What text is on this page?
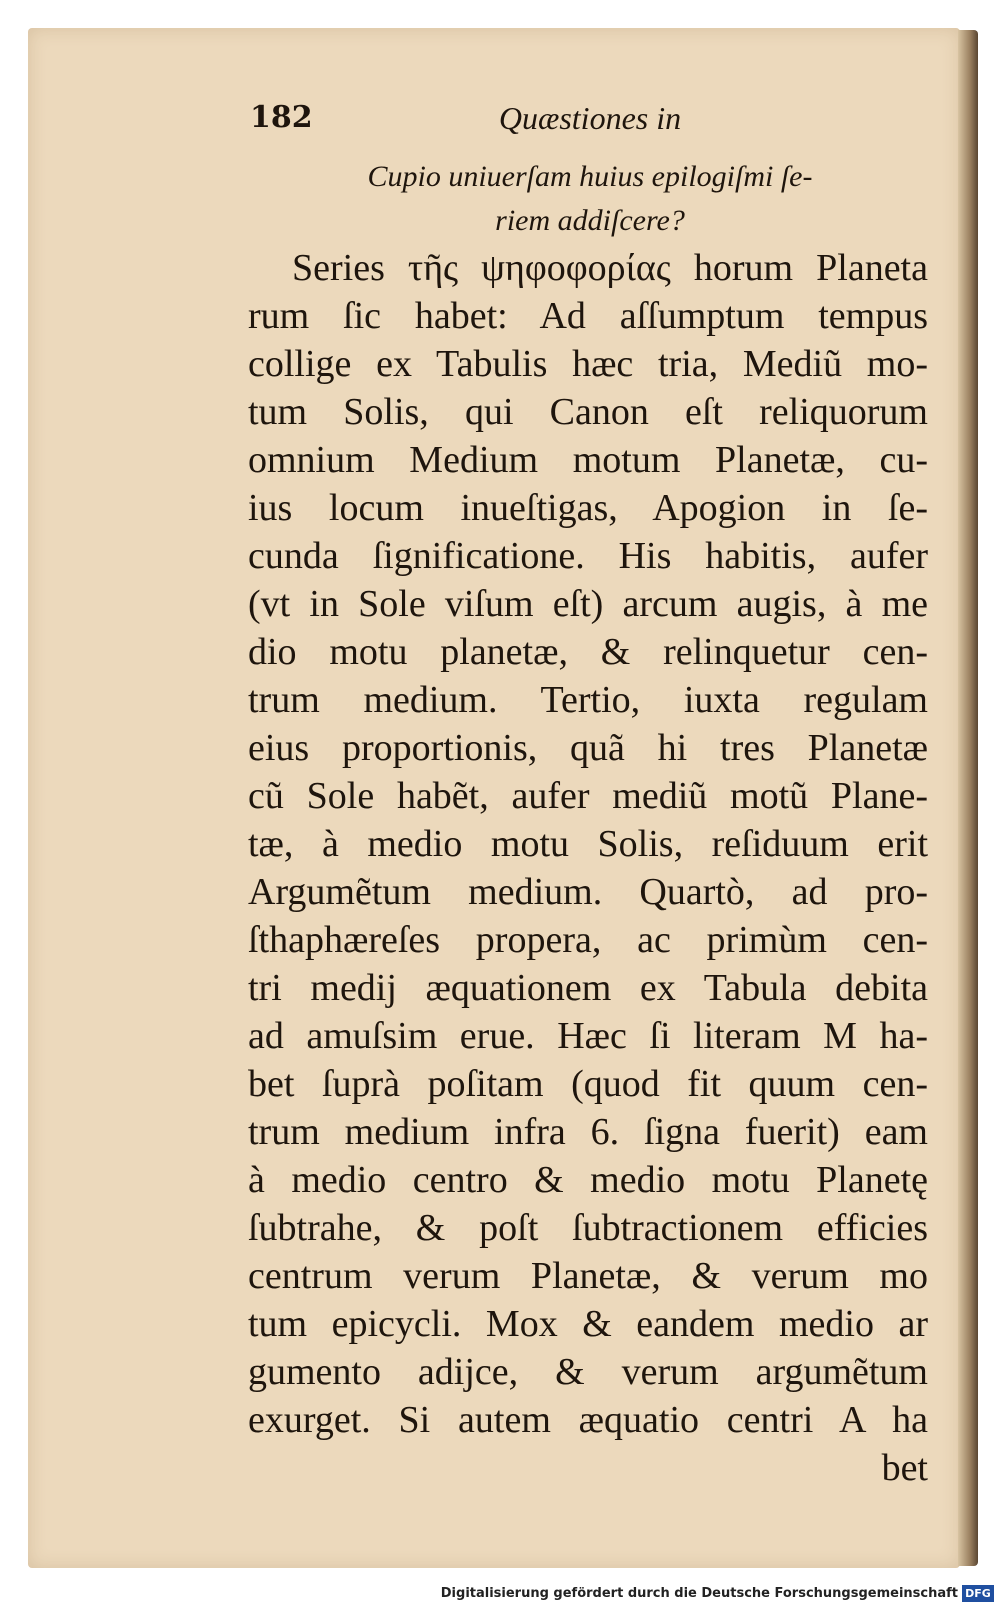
182	Quæstiones in
Cupio uniuerſam huius epilogiſmi ſe-
riem addiſcere?
Series τῆς ψηφοφορίας horum Planeta
rum ſic habet: Ad aſſumptum tempus
collige ex Tabulis hæc tria, Mediũ mo-
tum Solis, qui Canon eſt reliquorum
omnium Medium motum Planetæ, cu-
ius locum inueſtigas, Apogion in ſe-
cunda ſignificatione. His habitis, aufer
(vt in Sole viſum eſt) arcum augis, à me
dio motu planetæ, & relinquetur cen-
trum medium. Tertio, iuxta regulam
eius proportionis, quã hi tres Planetæ
cũ Sole habẽt, aufer mediũ motũ Plane-
tæ, à medio motu Solis, reſiduum erit
Argumẽtum medium. Quartò, ad pro-
ſthaphæreſes propera, ac primùm cen-
tri medij æquationem ex Tabula debita
ad amuſsim erue. Hæc ſi literam M ha-
bet ſuprà poſitam (quod fit quum cen-
trum medium infra 6. ſigna fuerit) eam
à medio centro & medio motu Planetę
ſubtrahe, & poſt ſubtractionem efficies
centrum verum Planetæ, & verum mo
tum epicycli. Mox & eandem medio ar
gumento adijce, & verum argumẽtum
exurget. Si autem æquatio centri A ha
bet
Digitalisierung gefördert durch die Deutsche Forschungsgemeinschaft DFG
